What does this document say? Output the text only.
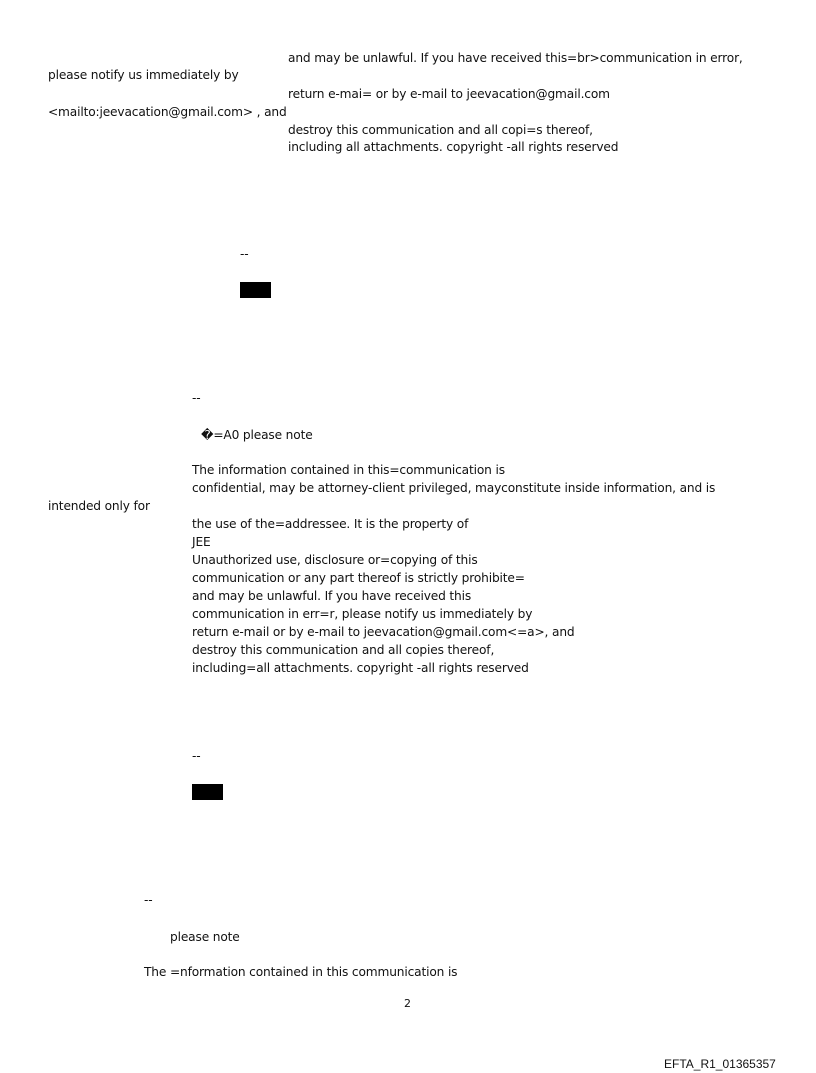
and may be unlawful. If you have received this=br>communication in error,
please notify us immediately by
return e-mai= or by e-mail to jeevacation@gmail.com
<mailto:jeevacation@gmail.com> , and
destroy this communication and all copi=s thereof,
including all attachments. copyright -all rights reserved
--
--
�=A0 please note
The information contained in this=communication is
confidential, may be attorney-client privileged, mayconstitute inside information, and is
intended only for
the use of the=addressee. It is the property of
JEE
Unauthorized use, disclosure or=copying of this
communication or any part thereof is strictly prohibite=
and may be unlawful. If you have received this
communication in err=r, please notify us immediately by
return e-mail or by e-mail to jeevacation@gmail.com<=a>, and
destroy this communication and all copies thereof,
including=all attachments. copyright -all rights reserved
--
--
please note
The =nformation contained in this communication is
2
EFTA_R1_01365357
